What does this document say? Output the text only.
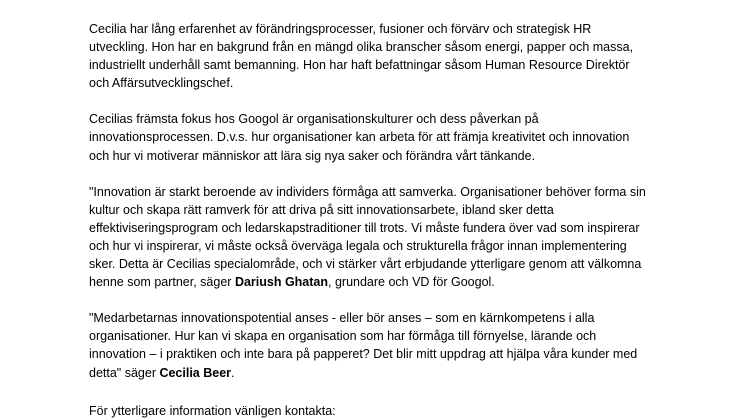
Cecilia har lång erfarenhet av förändringsprocesser, fusioner och förvärv och strategisk HR
utveckling. Hon har en bakgrund från en mängd olika branscher såsom energi, papper och massa,
industriellt underhåll samt bemanning. Hon har haft befattningar såsom Human Resource Direktör
och Affärsutvecklingschef.

Cecilias främsta fokus hos Googol är organisationskulturer och dess påverkan på
innovationsprocessen. D.v.s. hur organisationer kan arbeta för att främja kreativitet och innovation
och hur vi motiverar människor att lära sig nya saker och förändra vårt tänkande.

"Innovation är starkt beroende av individers förmåga att samverka. Organisationer behöver forma sin
kultur och skapa rätt ramverk för att driva på sitt innovationsarbete, ibland sker detta
effektiviseringsprogram och ledarskapstraditioner till trots. Vi måste fundera över vad som inspirerar
och hur vi inspirerar, vi måste också överväga legala och strukturella frågor innan implementering
sker. Detta är Cecilias specialområde, och vi stärker vårt erbjudande ytterligare genom att välkomna
henne som partner, säger Dariush Ghatan, grundare och VD för Googol.

"Medarbetarnas innovationspotential anses - eller bör anses – som en kärnkompetens i alla
organisationer. Hur kan vi skapa en organisation som har förmåga till förnyelse, lärande och
innovation – i praktiken och inte bara på papperet? Det blir mitt uppdrag att hjälpa våra kunder med
detta" säger Cecilia Beer.

För ytterligare information vänligen kontakta:
